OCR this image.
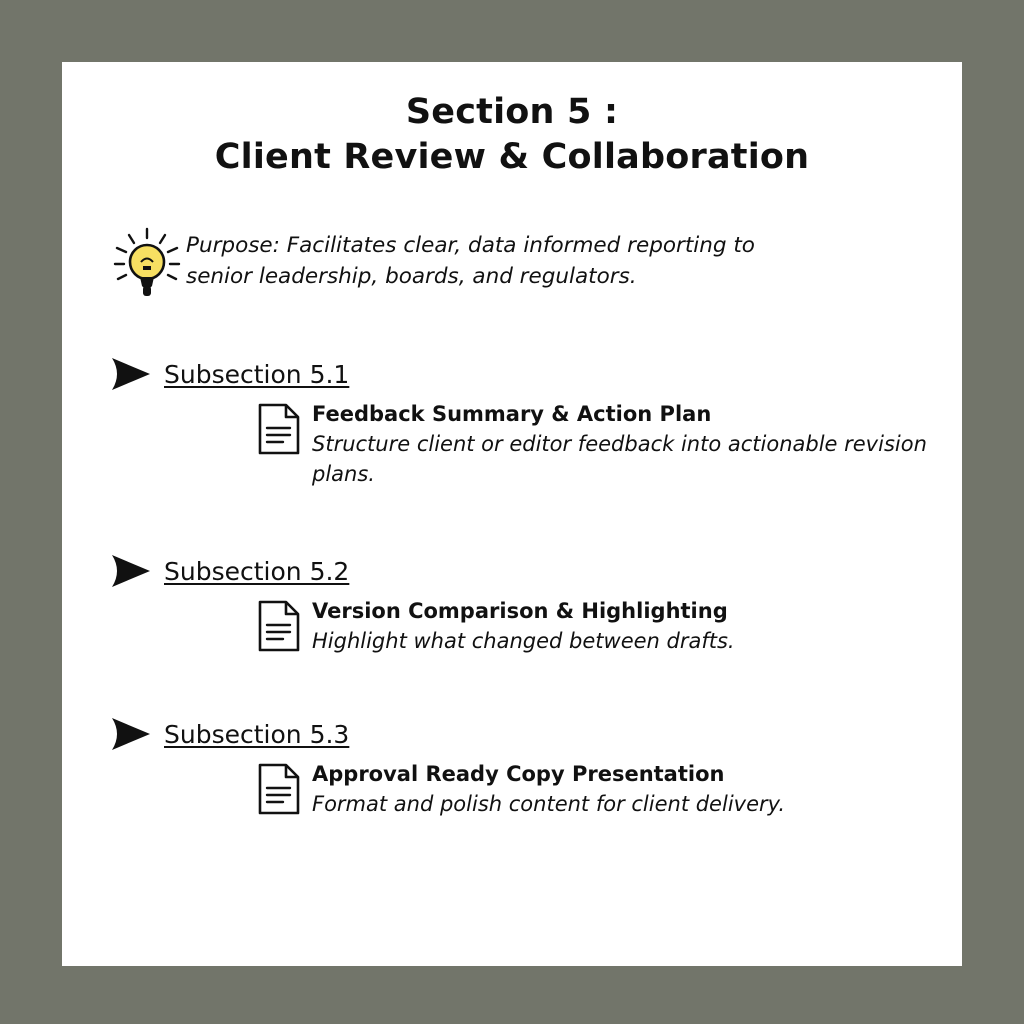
Section 5 :
Client Review & Collaboration
Purpose: Facilitates clear, data informed reporting to senior leadership, boards, and regulators.
Subsection 5.1
Feedback Summary & Action Plan
Structure client or editor feedback into actionable revision plans.
Subsection 5.2
Version Comparison & Highlighting
Highlight what changed between drafts.
Subsection 5.3
Approval Ready Copy Presentation
Format and polish content for client delivery.
